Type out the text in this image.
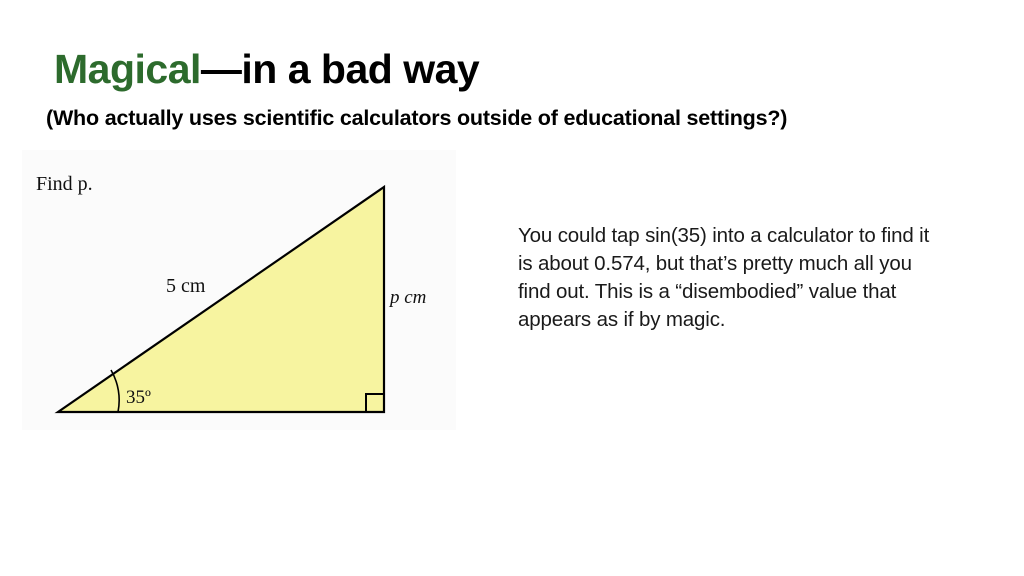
Magical—in a bad way
(Who actually uses scientific calculators outside of educational settings?)
Find p.
5 cm
p cm
35º

You could tap sin(35) into a calculator to find it is about 0.574, but that’s pretty much all you find out. This is a “disembodied” value that appears as if by magic.
